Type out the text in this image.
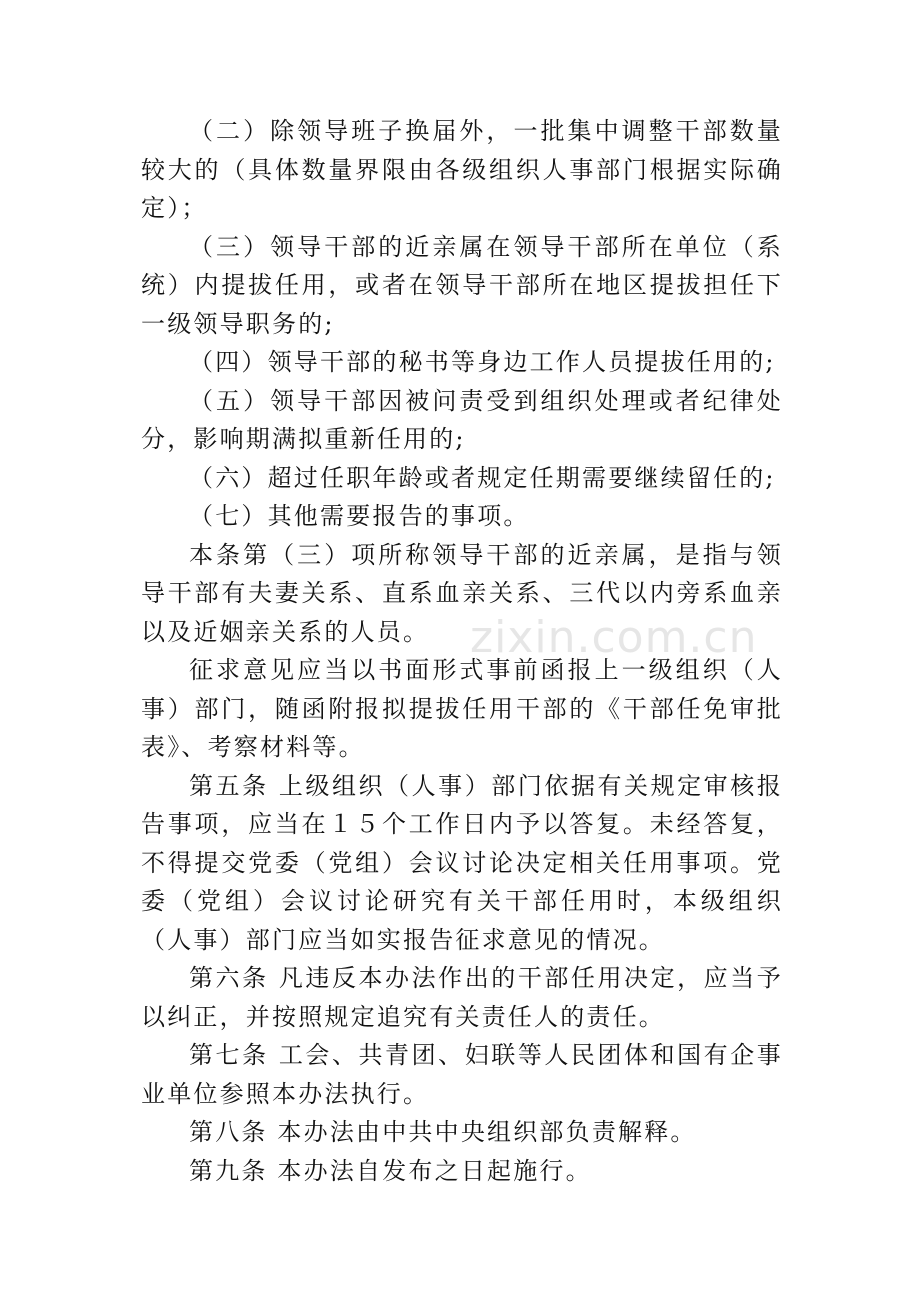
（二）除领导班子换届外，一批集中调整干部数量较大的（具体数量界限由各级组织人事部门根据实际确定）；

（三）领导干部的近亲属在领导干部所在单位（系统）内提拔任用，或者在领导干部所在地区提拔担任下一级领导职务的;

（四）领导干部的秘书等身边工作人员提拔任用的;

（五）领导干部因被问责受到组织处理或者纪律处分，影响期满拟重新任用的;

（六）超过任职年龄或者规定任期需要继续留任的;

（七）其他需要报告的事项。

本条第（三）项所称领导干部的近亲属，是指与领导干部有夫妻关系、直系血亲关系、三代以内旁系血亲以及近姻亲关系的人员。

征求意见应当以书面形式事前函报上一级组织（人事）部门，随函附报拟提拔任用干部的《干部任免审批表》、考察材料等。

第五条 上级组织（人事）部门依据有关规定审核报告事项，应当在１５个工作日内予以答复。未经答复，不得提交党委（党组）会议讨论决定相关任用事项。党委（党组）会议讨论研究有关干部任用时，本级组织（人事）部门应当如实报告征求意见的情况。

第六条 凡违反本办法作出的干部任用决定，应当予以纠正，并按照规定追究有关责任人的责任。

第七条 工会、共青团、妇联等人民团体和国有企事业单位参照本办法执行。

第八条 本办法由中共中央组织部负责解释。

第九条 本办法自发布之日起施行。

zixin.com.cn
